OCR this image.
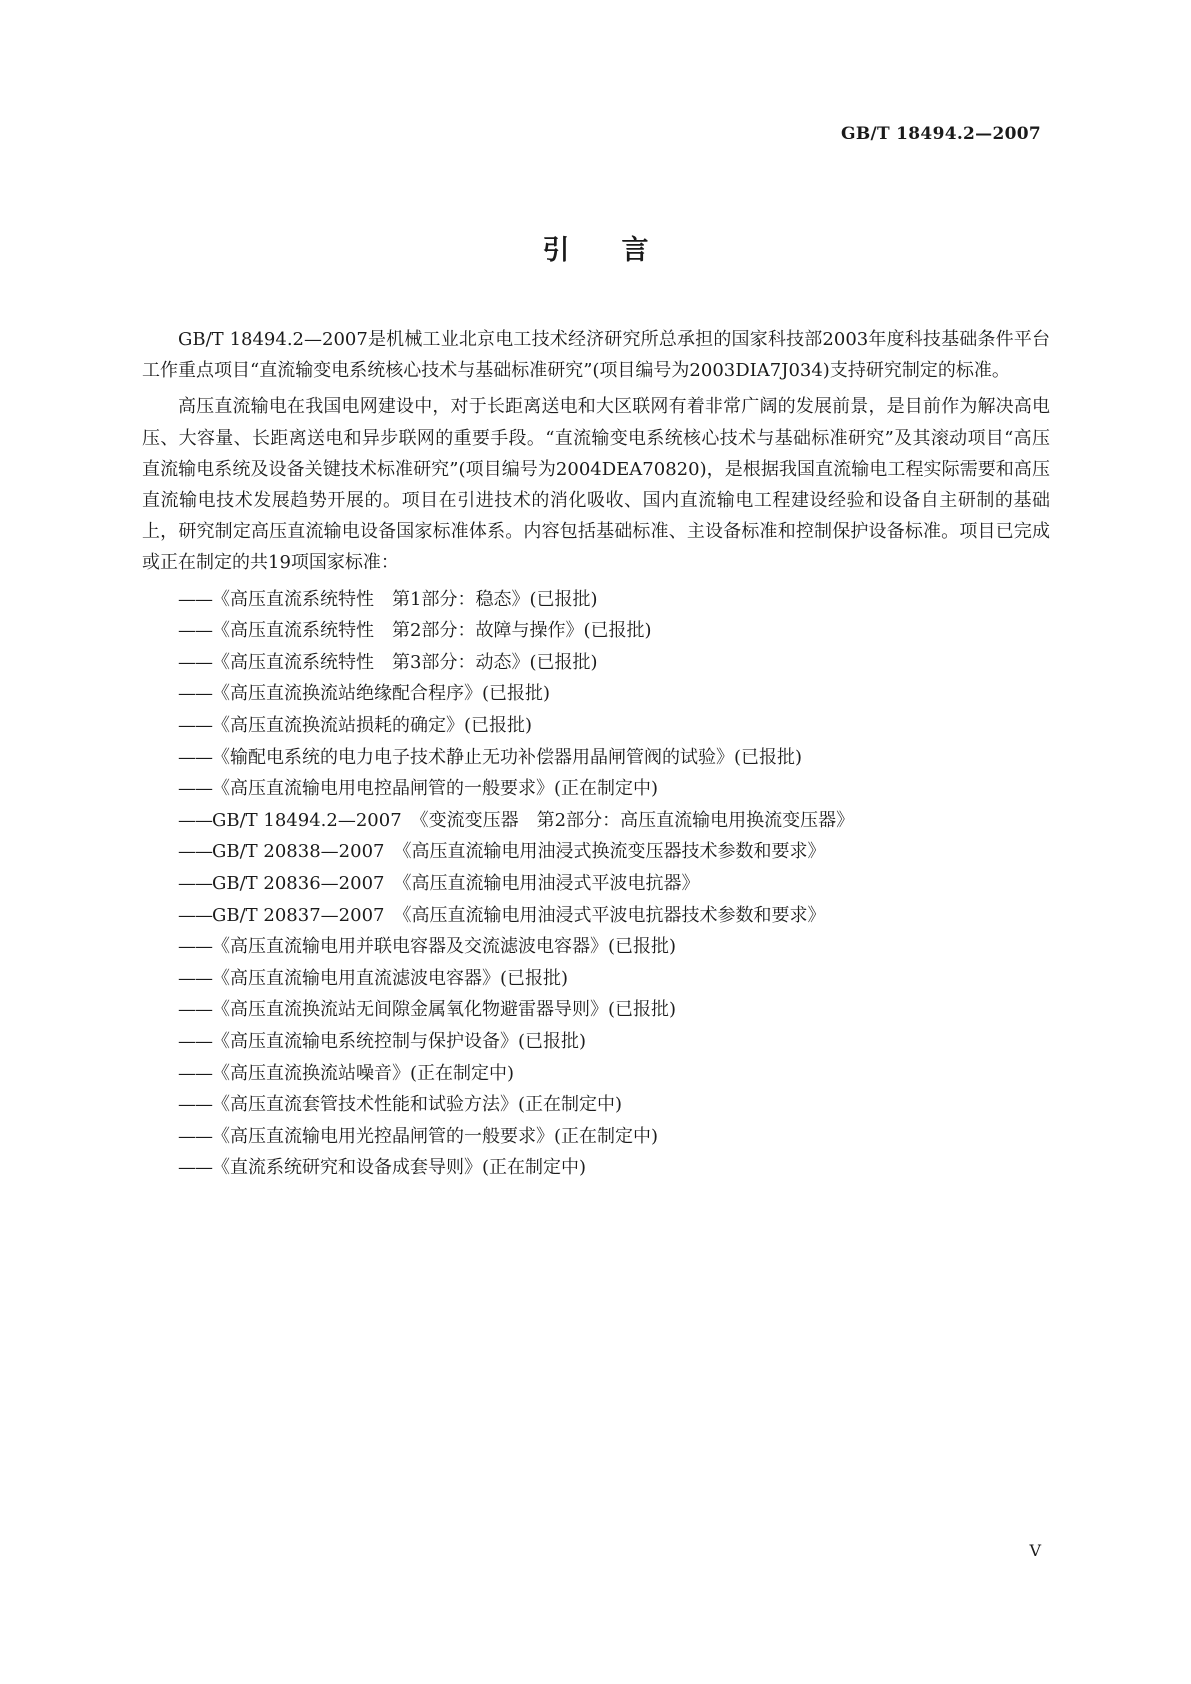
GB/T 18494.2—2007
引言

GB/T 18494.2—2007是机械工业北京电工技术经济研究所总承担的国家科技部2003年度科技基础条件平台工作重点项目“直流输变电系统核心技术与基础标准研究”(项目编号为2003DIA7J034)支持研究制定的标准。

高压直流输电在我国电网建设中，对于长距离送电和大区联网有着非常广阔的发展前景，是目前作为解决高电压、大容量、长距离送电和异步联网的重要手段。“直流输变电系统核心技术与基础标准研究”及其滚动项目“高压直流输电系统及设备关键技术标准研究”(项目编号为2004DEA70820)，是根据我国直流输电工程实际需要和高压直流输电技术发展趋势开展的。项目在引进技术的消化吸收、国内直流输电工程建设经验和设备自主研制的基础上，研究制定高压直流输电设备国家标准体系。内容包括基础标准、主设备标准和控制保护设备标准。项目已完成或正在制定的共19项国家标准：

——《高压直流系统特性　第1部分：稳态》(已报批)
——《高压直流系统特性　第2部分：故障与操作》(已报批)
——《高压直流系统特性　第3部分：动态》(已报批)
——《高压直流换流站绝缘配合程序》(已报批)
——《高压直流换流站损耗的确定》(已报批)
——《输配电系统的电力电子技术静止无功补偿器用晶闸管阀的试验》(已报批)
——《高压直流输电用电控晶闸管的一般要求》(正在制定中)
——GB/T 18494.2—2007　《变流变压器　第2部分：高压直流输电用换流变压器》
——GB/T 20838—2007　《高压直流输电用油浸式换流变压器技术参数和要求》
——GB/T 20836—2007　《高压直流输电用油浸式平波电抗器》
——GB/T 20837—2007　《高压直流输电用油浸式平波电抗器技术参数和要求》
——《高压直流输电用并联电容器及交流滤波电容器》(已报批)
——《高压直流输电用直流滤波电容器》(已报批)
——《高压直流换流站无间隙金属氧化物避雷器导则》(已报批)
——《高压直流输电系统控制与保护设备》(已报批)
——《高压直流换流站噪音》(正在制定中)
——《高压直流套管技术性能和试验方法》(正在制定中)
——《高压直流输电用光控晶闸管的一般要求》(正在制定中)
——《直流系统研究和设备成套导则》(正在制定中)
V
